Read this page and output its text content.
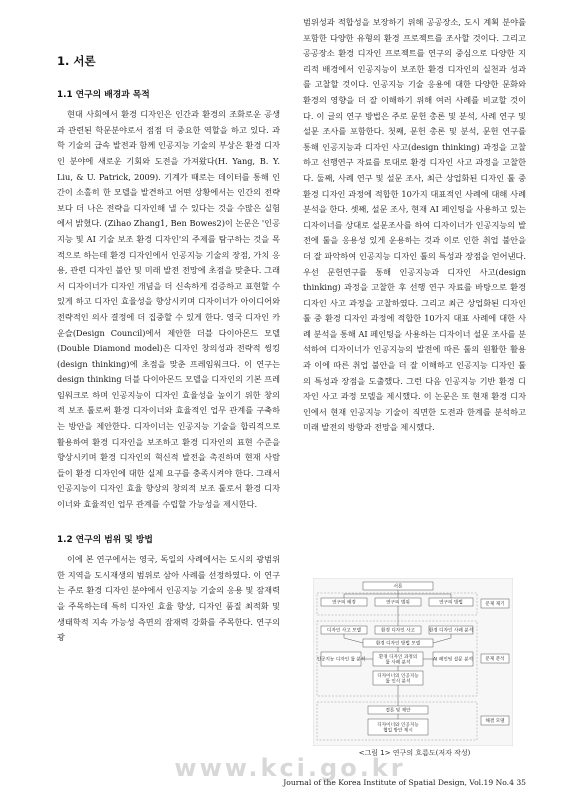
1. 서론
1.1 연구의 배경과 목적

현대 사회에서 환경 디자인은 인간과 환경의 조화로운 공생과 관련된 학문분야로서 점점 더 중요한 역할을 하고 있다. 과학 기술의 급속 발전과 함께 인공지능 기술의 부상은 환경 디자인 분야에 새로운 기회와 도전을 가져왔다(H. Yang, B. Y. Liu, & U. Patrick, 2009). 기계가 때로는 데이터를 통해 인간이 소홀히 한 모델을 발견하고 어떤 상황에서는 인간의 전략보다 더 나은 전략을 디자인해 낼 수 있다는 것을 수많은 실험에서 밝혔다. (Zihao Zhang1, Ben Bowes2)이 논문은 '인공지능 및 AI 기술 보조 환경 디자인'의 주제를 탐구하는 것을 목적으로 하는데 환경 디자인에서 인공지능 기술의 장점, 가치 응용, 관련 디자인 불안 및 미래 발전 전망에 초점을 맞춘다. 그래서 디자이너가 디자인 개념을 더 신속하게 검증하고 표현할 수 있게 하고 디자인 효율성을 향상시키며 디자이너가 아이디어와 전략적인 의사 결정에 더 집중할 수 있게 한다. 영국 디자인 카운슬(Design Council)에서 제안한 더블 다이아몬드 모델(Double Diamond model)은 디자인 창의성과 전략적 씽킹(design thinking)에 초점을 맞춘 프레임워크다. 이 연구는 design thinking 더블 다이아몬드 모델을 디자인의 기본 프레임워크로 하며 인공지능이 디자인 효율성을 높이기 위한 창의적 보조 툴로써 환경 디자이너와 효율적인 업무 관계를 구축하는 방안을 제안한다. 디자이너는 인공지능 기술을 합리적으로 활용하여 환경 디자인을 보조하고 환경 디자인의 표현 수준을 향상시키며 환경 디자인의 혁신적 발전을 촉진하며 현재 사람들이 환경 디자인에 대한 실제 요구를 충족시켜야 한다. 그래서 인공지능이 디자인 효율 향상의 창의적 보조 툴로서 환경 디자이너와 효율적인 업무 관계를 수립할 가능성을 제시한다.

1.2 연구의 범위 및 방법

이에 본 연구에서는 영국, 독일의 사례에서는 도시의 광범위한 지역을 도시재생의 범위로 삼아 사례를 선정하였다. 이 연구는 주로 환경 디자인 분야에서 인공지능 기술의 응용 및 잠재력을 주목하는데 특히 디자인 효율 향상, 디자인 품질 최적화 및 생태학적 지속 가능성 측면의 잠재력 강화를 주목한다. 연구의 광

범위성과 적합성을 보장하기 위해 공공장소, 도시 계획 분야를 포함한 다양한 유형의 환경 프로젝트를 조사할 것이다. 그리고 공공장소 환경 디자인 프로젝트를 연구의 중심으로 다양한 지리적 배경에서 인공지능이 보조한 환경 디자인의 실천과 성과를 고찰할 것이다. 인공지능 기술 응용에 대한 다양한 문화와 환경의 영향을 더 잘 이해하기 위해 여러 사례를 비교할 것이다. 이 글의 연구 방법은 주로 문헌 총론 및 분석, 사례 연구 및 설문 조사를 포함한다. 첫째, 문헌 총론 및 분석, 문헌 연구를 통해 인공지능과 디자인 사고(design thinking) 과정을 고찰하고 선행연구 자료를 토대로 환경 디자인 사고 과정을 고찰한다. 둘째, 사례 연구 및 설문 조사, 최근 상업화된 디자인 툴 중 환경 디자인 과정에 적합한 10가지 대표적인 사례에 대해 사례 분석을 한다. 셋째, 설문 조사, 현재 AI 페인팅을 사용하고 있는 디자이너를 상대로 설문조사를 하여 디자이너가 인공지능의 발전에 툴을 응용성 있게 운용하는 것과 이로 인한 취업 불안을 더 잘 파악하여 인공지능 디자인 툴의 특성과 장점을 얻어낸다. 우선 문헌연구를 통해 인공지능과 디자인 사고(design thinking) 과정을 고찰한 후 선행 연구 자료를 바탕으로 환경 디자인 사고 과정을 고찰하였다. 그리고 최근 상업화된 디자인 툴 중 환경 디자인 과정에 적합한 10가지 대표 사례에 대한 사례 분석을 통해 AI 페인팅을 사용하는 디자이너 설문 조사를 분석하여 디자이너가 인공지능의 발전에 따른 툴의 원활한 활용과 이에 따른 취업 불안을 더 잘 이해하고 인공지능 디자인 툴의 특성과 장점을 도출했다. 그런 다음 인공지능 기반 환경 디자인 사고 과정 모델을 제시했다. 이 논문은 또 현재 환경 디자인에서 현재 인공지능 기술이 직면한 도전과 한계를 분석하고 미래 발전의 방향과 전망을 제시했다.

서론
연구의 배경	연구의 범위	연구의 방법
디자인 사고 모델	환경 디자인 사고	환경 디자인 사례 분석
환경 디자인 방법 모델
인공지능 디자인 툴 분석
환경 디자인 과정의
툴 사례 분석
AI 페인팅 설문 분석
디자이너의 인공지능
툴 인식 분석
결론 및 제안
디자이너와 인공지능
협업 방안 제시
문제 제기
문제 분석
해결 모델
<그림 1> 연구의 흐름도(저자 작성)
www.kci.go.kr
Journal of the Korea Institute of Spatial Design, Vol.19 No.4 35
